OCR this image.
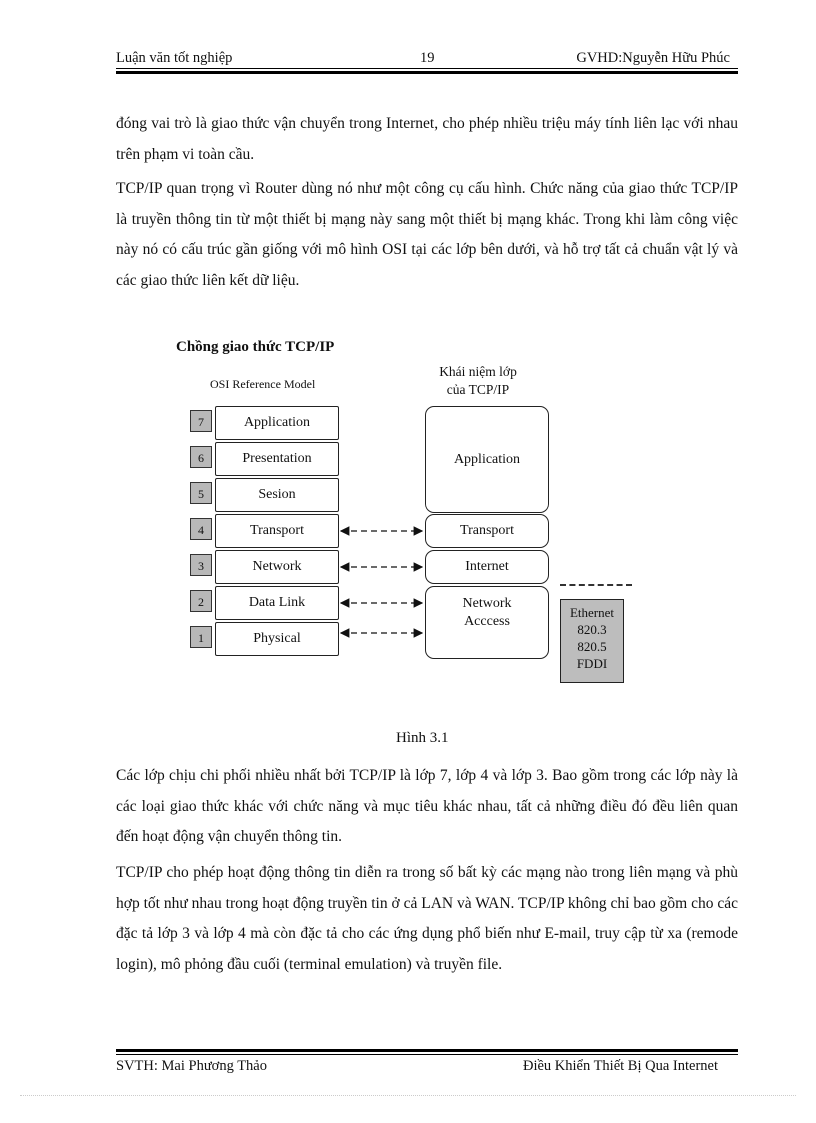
Luận văn tốt nghiệp	19	GVHD:Nguyễn Hữu Phúc

đóng vai trò là giao thức vận chuyển trong Internet, cho phép nhiều triệu máy tính liên lạc với nhau trên phạm vi toàn cầu.

TCP/IP quan trọng vì Router dùng nó như một công cụ cấu hình. Chức năng của giao thức TCP/IP là truyền thông tin từ một thiết bị mạng này sang một thiết bị mạng khác. Trong khi làm công việc này nó có cấu trúc gần giống với mô hình OSI tại các lớp bên dưới, và hỗ trợ tất cả chuẩn vật lý và các giao thức liên kết dữ liệu.

Chồng giao thức TCP/IP
OSI Reference Model
Khái niệm lớp
của TCP/IP
7	Application
6	Presentation
5	Sesion
4	Transport
3	Network
2	Data Link
1	Physical
Application
Transport
Internet
Network
Acccess
Ethernet
820.3
820.5
FDDI
Hình 3.1

Các lớp chịu chi phối nhiều nhất bởi TCP/IP là lớp 7, lớp 4 và lớp 3. Bao gồm trong các lớp này là các loại giao thức khác với chức năng và mục tiêu khác nhau, tất cả những điều đó đều liên quan đến hoạt động vận chuyển thông tin.

TCP/IP cho phép hoạt động thông tin diễn ra trong số bất kỳ các mạng nào trong liên mạng và phù hợp tốt như nhau trong hoạt động truyền tin ở cả LAN và WAN. TCP/IP không chỉ bao gồm cho các đặc tả lớp 3 và lớp 4 mà còn đặc tả cho các ứng dụng phổ biến như E-mail, truy cập từ xa (remode login), mô phỏng đầu cuối (terminal emulation) và truyền file.

SVTH: Mai Phương Thảo	Điều Khiển Thiết Bị Qua Internet
